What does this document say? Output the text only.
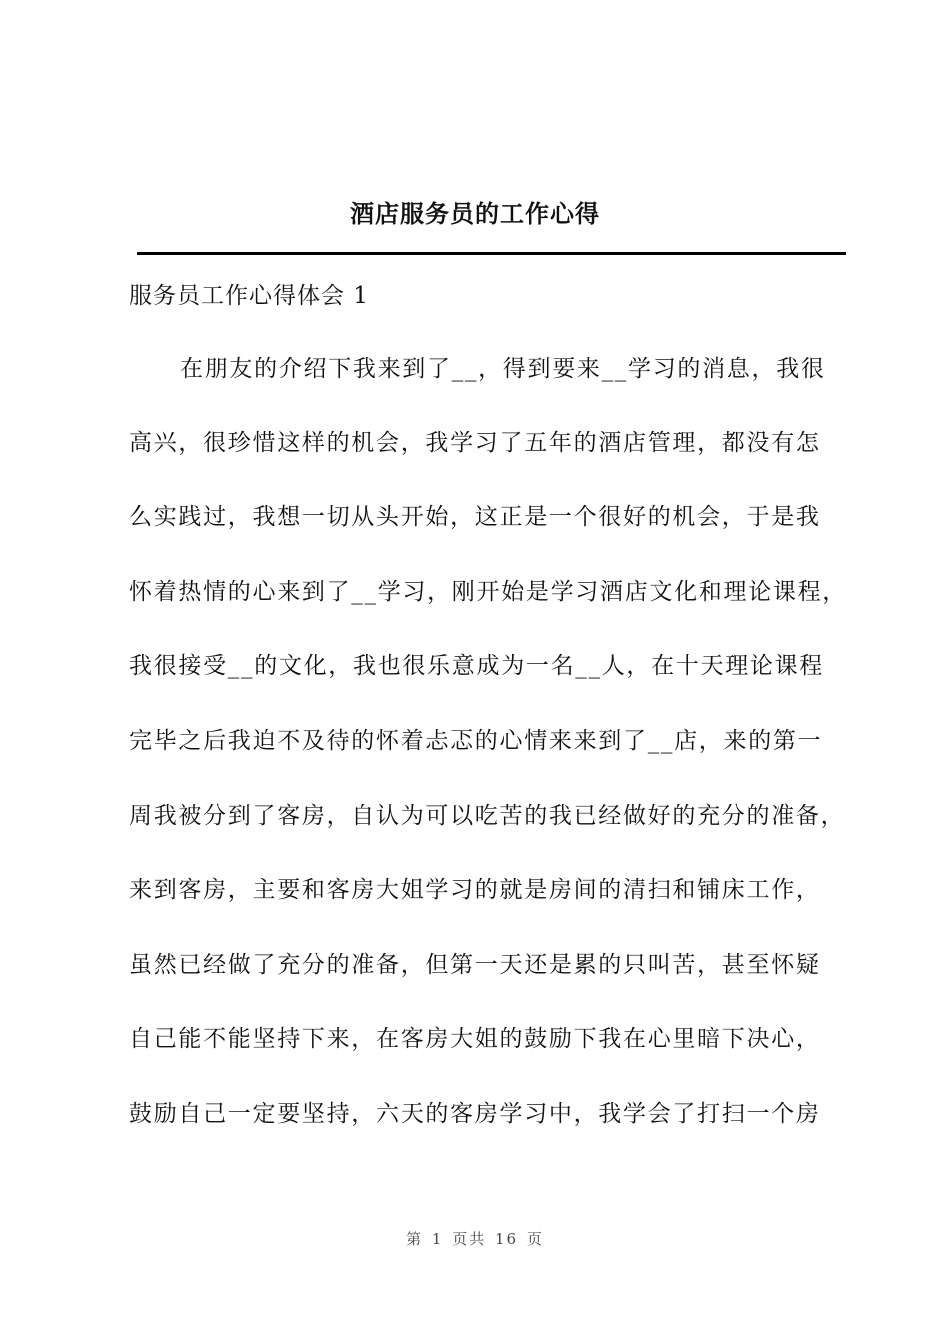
酒店服务员的工作心得
服务员工作心得体会 1
在朋友的介绍下我来到了__，得到要来__学习的消息，我很
高兴，很珍惜这样的机会，我学习了五年的酒店管理，都没有怎
么实践过，我想一切从头开始，这正是一个很好的机会，于是我
怀着热情的心来到了__学习，刚开始是学习酒店文化和理论课程，
我很接受__的文化，我也很乐意成为一名__人，在十天理论课程
完毕之后我迫不及待的怀着忐忑的心情来来到了__店，来的第一
周我被分到了客房，自认为可以吃苦的我已经做好的充分的准备，
来到客房，主要和客房大姐学习的就是房间的清扫和铺床工作，
虽然已经做了充分的准备，但第一天还是累的只叫苦，甚至怀疑
自己能不能坚持下来，在客房大姐的鼓励下我在心里暗下决心，
鼓励自己一定要坚持，六天的客房学习中，我学会了打扫一个房
第 1 页共 16 页
